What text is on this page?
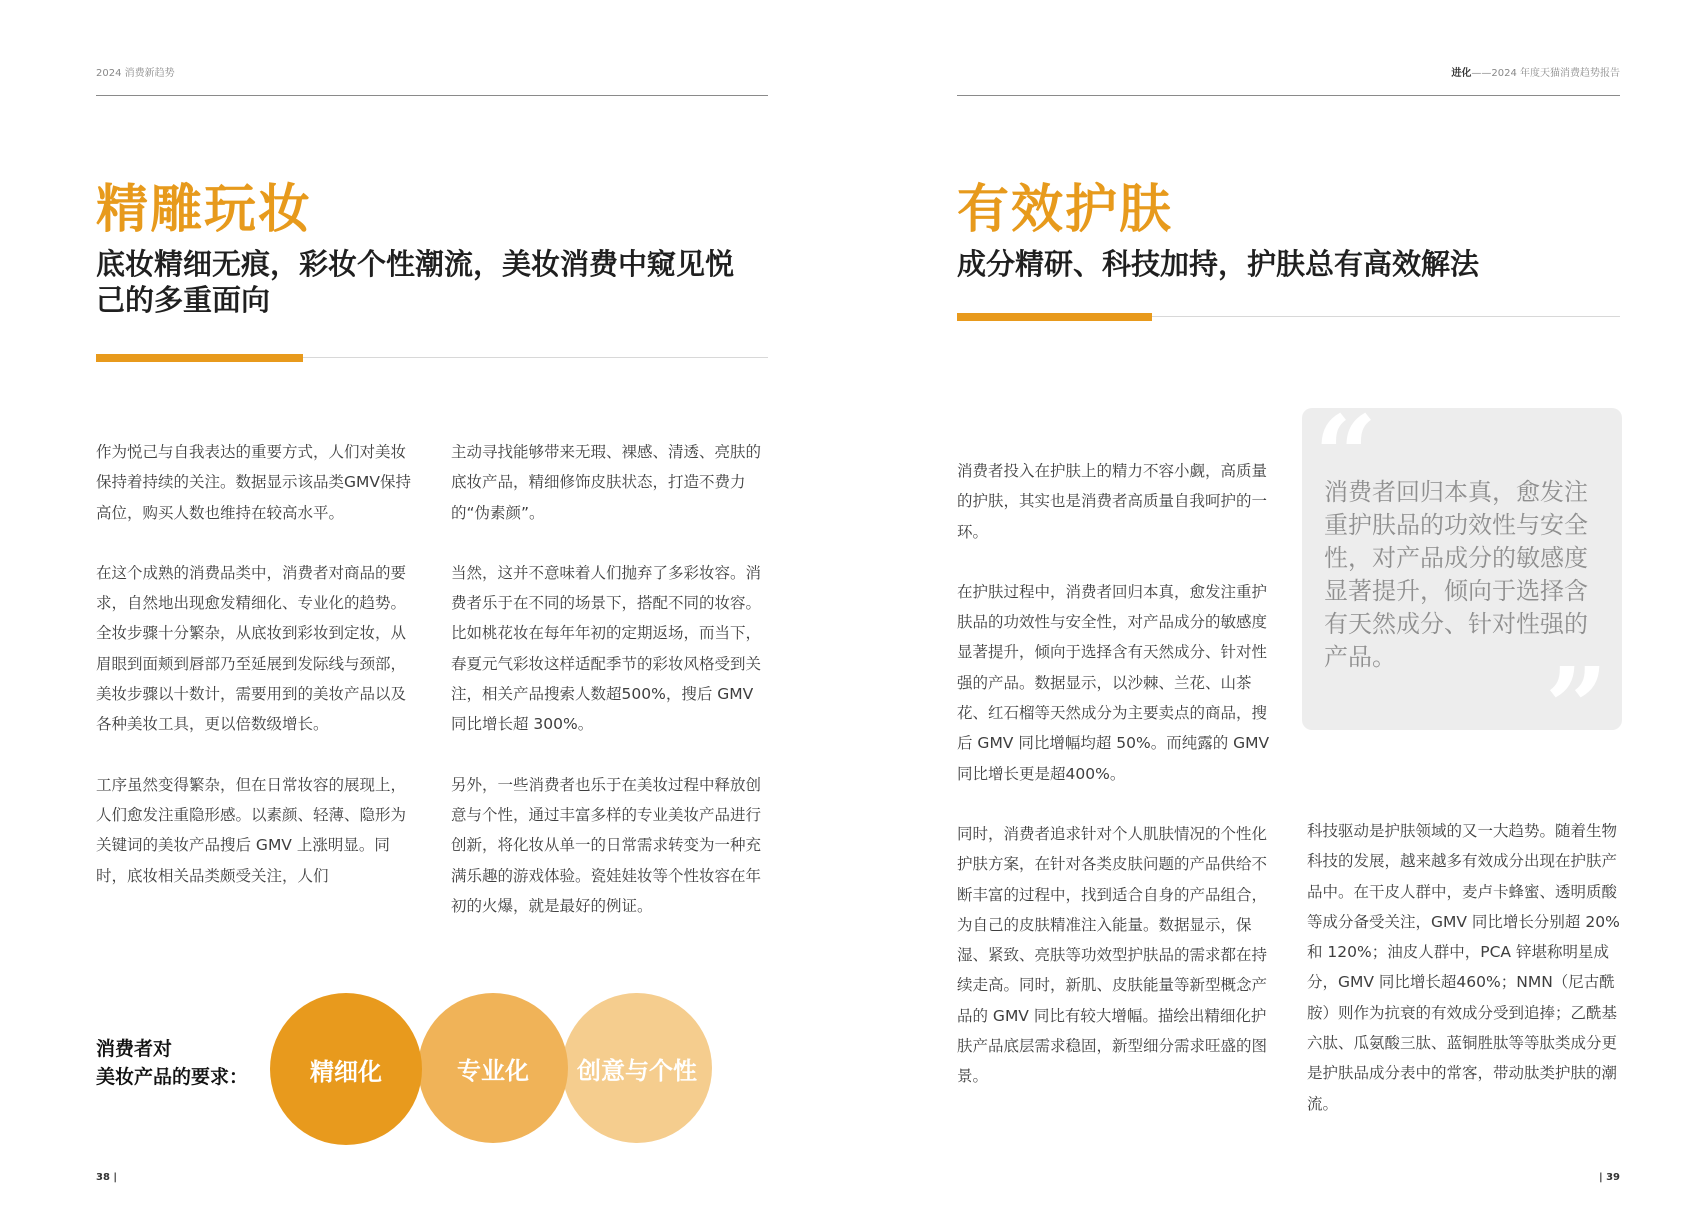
2024 消费新趋势
精雕玩妆
底妆精细无痕，彩妆个性潮流，美妆消费中窥见悦
己的多重面向

作为悦己与自我表达的重要方式，人们对美妆保持着持续的关注。数据显示该品类GMV保持高位，购买人数也维持在较高水平。

在这个成熟的消费品类中，消费者对商品的要求，自然地出现愈发精细化、专业化的趋势。全妆步骤十分繁杂，从底妆到彩妆到定妆，从眉眼到面颊到唇部乃至延展到发际线与颈部，美妆步骤以十数计，需要用到的美妆产品以及各种美妆工具，更以倍数级增长。

工序虽然变得繁杂，但在日常妆容的展现上，人们愈发注重隐形感。以素颜、轻薄、隐形为关键词的美妆产品搜后 GMV 上涨明显。同时，底妆相关品类颇受关注，人们

主动寻找能够带来无瑕、裸感、清透、亮肤的底妆产品，精细修饰皮肤状态，打造不费力的“伪素颜”。

当然，这并不意味着人们抛弃了多彩妆容。消费者乐于在不同的场景下，搭配不同的妆容。比如桃花妆在每年年初的定期返场，而当下，春夏元气彩妆这样适配季节的彩妆风格受到关注，相关产品搜索人数超500%，搜后 GMV 同比增长超 300%。

另外，一些消费者也乐于在美妆过程中释放创意与个性，通过丰富多样的专业美妆产品进行创新，将化妆从单一的日常需求转变为一种充满乐趣的游戏体验。瓷娃娃妆等个性妆容在年初的火爆，就是最好的例证。

消费者对
美妆产品的要求：	精细化	专业化	创意与个性
38 |
进化——2024 年度天猫消费趋势报告
有效护肤
成分精研、科技加持，护肤总有高效解法

消费者投入在护肤上的精力不容小觑，高质量的护肤，其实也是消费者高质量自我呵护的一环。

在护肤过程中，消费者回归本真，愈发注重护肤品的功效性与安全性，对产品成分的敏感度显著提升，倾向于选择含有天然成分、针对性强的产品。数据显示，以沙棘、兰花、山茶花、红石榴等天然成分为主要卖点的商品，搜后 GMV 同比增幅均超 50%。而纯露的 GMV 同比增长更是超400%。

同时，消费者追求针对个人肌肤情况的个性化护肤方案，在针对各类皮肤问题的产品供给不断丰富的过程中，找到适合自身的产品组合，为自己的皮肤精准注入能量。数据显示，保湿、紧致、亮肤等功效型护肤品的需求都在持续走高。同时，新肌、皮肤能量等新型概念产品的 GMV 同比有较大增幅。描绘出精细化护肤产品底层需求稳固，新型细分需求旺盛的图景。

“
消费者回归本真，愈发注重护肤品的功效性与安全性，对产品成分的敏感度显著提升，倾向于选择含有天然成分、针对性强的产品。	”

科技驱动是护肤领域的又一大趋势。随着生物科技的发展，越来越多有效成分出现在护肤产品中。在干皮人群中，麦卢卡蜂蜜、透明质酸等成分备受关注，GMV 同比增长分别超 20% 和 120%；油皮人群中，PCA 锌堪称明星成分，GMV 同比增长超460%；NMN（尼古酰胺）则作为抗衰的有效成分受到追捧；乙酰基六肽、瓜氨酸三肽、蓝铜胜肽等等肽类成分更是护肤品成分表中的常客，带动肽类护肤的潮流。

| 39
